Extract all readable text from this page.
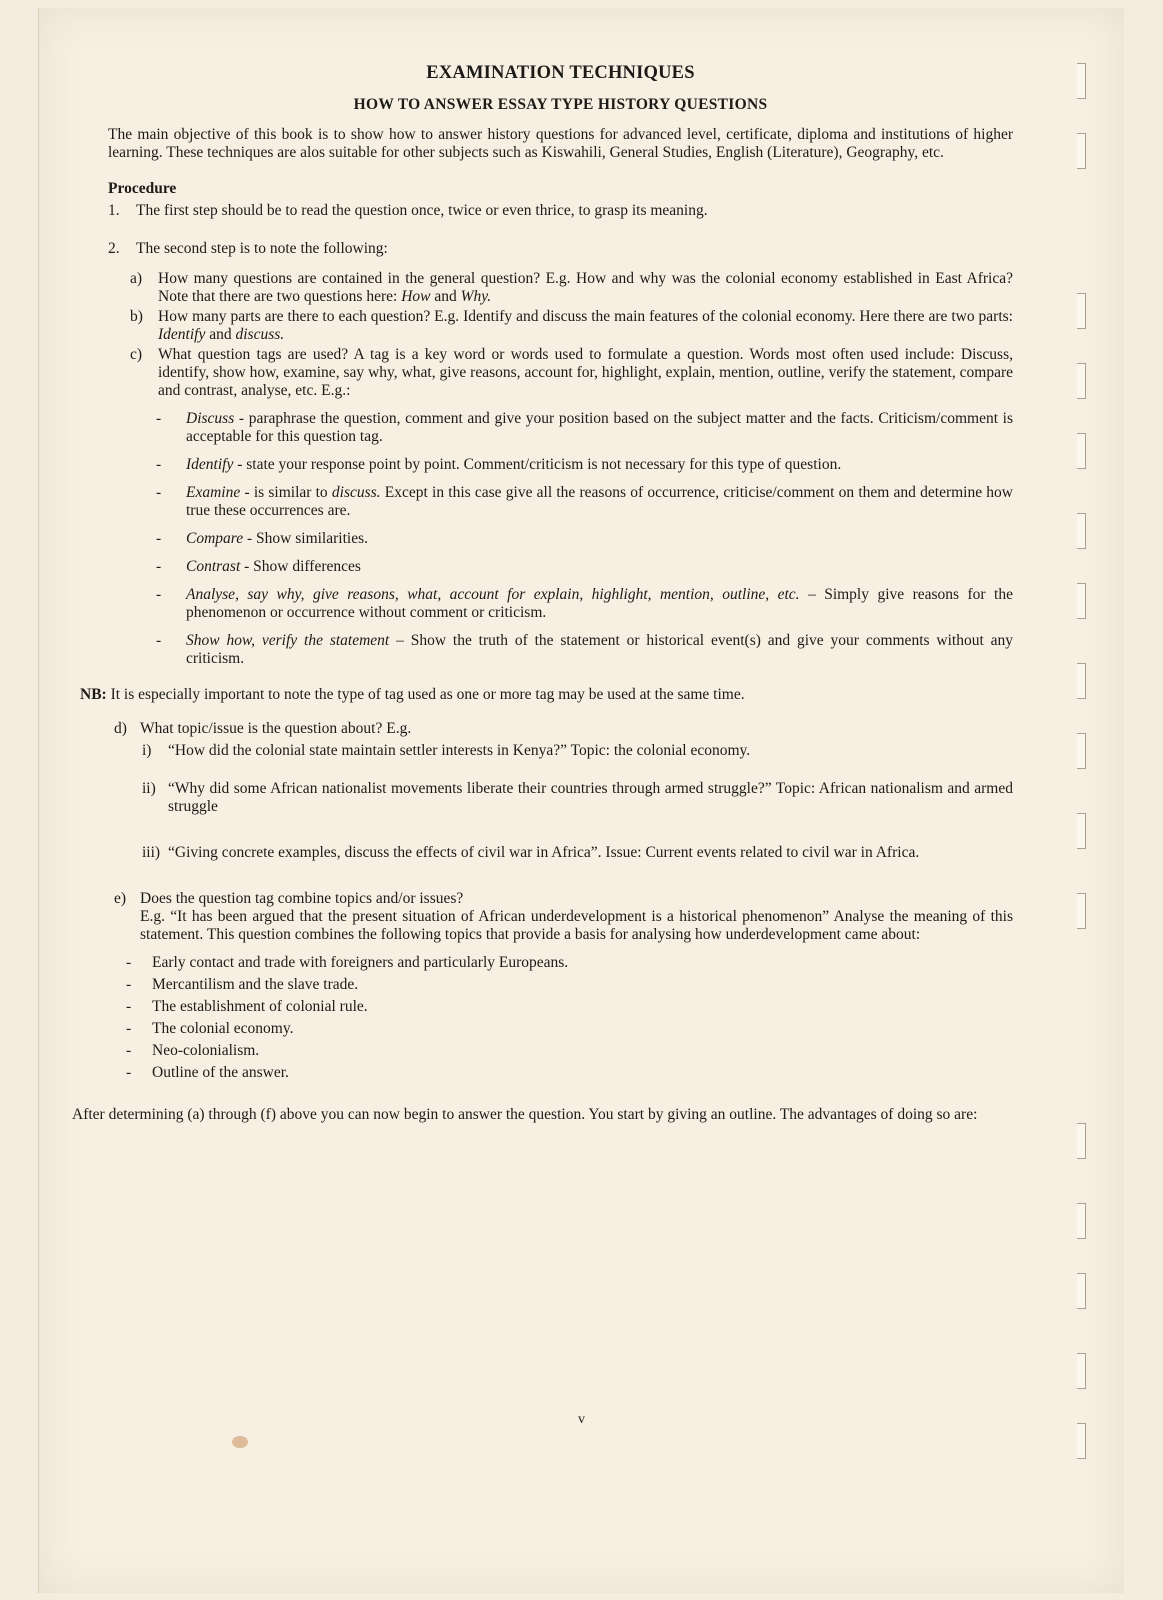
EXAMINATION TECHNIQUES
HOW TO ANSWER ESSAY TYPE HISTORY QUESTIONS

The main objective of this book is to show how to answer history questions for advanced level, certificate, diploma and institutions of higher learning. These techniques are alos suitable for other subjects such as Kiswahili, General Studies, English (Literature), Geography, etc.

Procedure
1.	The first step should be to read the question once, twice or even thrice, to grasp its meaning.
2.	The second step is to note the following:
a)	How many questions are contained in the general question? E.g. How and why was the colonial economy established in East Africa? Note that there are two questions here: How and Why.
b) How many parts are there to each question? E.g. Identify and discuss the main features of the colonial economy. Here there are two parts: Identify and discuss.
c)	What question tags are used? A tag is a key word or words used to formulate a question. Words most often used include: Discuss, identify, show how, examine, say why, what, give reasons, account for, highlight, explain, mention, outline, verify the statement, compare and contrast, analyse, etc. E.g.:
-	Discuss - paraphrase the question, comment and give your position based on the subject matter and the facts. Criticism/comment is acceptable for this question tag.
-	Identify - state your response point by point. Comment/criticism is not necessary for this type of question.
-	Examine - is similar to discuss. Except in this case give all the reasons of occurrence, criticise/comment on them and determine how true these occurrences are.
-	Compare - Show similarities.
-	Contrast - Show differences
-	Analyse, say why, give reasons, what, account for explain, highlight, mention, outline, etc. – Simply give reasons for the phenomenon or occurrence without comment or criticism.
-	Show how, verify the statement – Show the truth of the statement or historical event(s) and give your comments without any criticism.

NB: It is especially important to note the type of tag used as one or more tag may be used at the same time.

d) What topic/issue is the question about? E.g.
i)	“How did the colonial state maintain settler interests in Kenya?” Topic: the colonial economy.
ii) “Why did some African nationalist movements liberate their countries through armed struggle?” Topic: African nationalism and armed struggle
iii) “Giving concrete examples, discuss the effects of civil war in Africa”. Issue: Current events related to civil war in Africa.
e) Does the question tag combine topics and/or issues?

E.g. “It has been argued that the present situation of African underdevelopment is a historical phenomenon” Analyse the meaning of this statement. This question combines the following topics that provide a basis for analysing how underdevelopment came about:

-	Early contact and trade with foreigners and particularly Europeans.
-	Mercantilism and the slave trade.
-	The establishment of colonial rule.
-	The colonial economy.
-	Neo-colonialism.
-	Outline of the answer.

After determining (a) through (f) above you can now begin to answer the question. You start by giving an outline. The advantages of doing so are:

v
